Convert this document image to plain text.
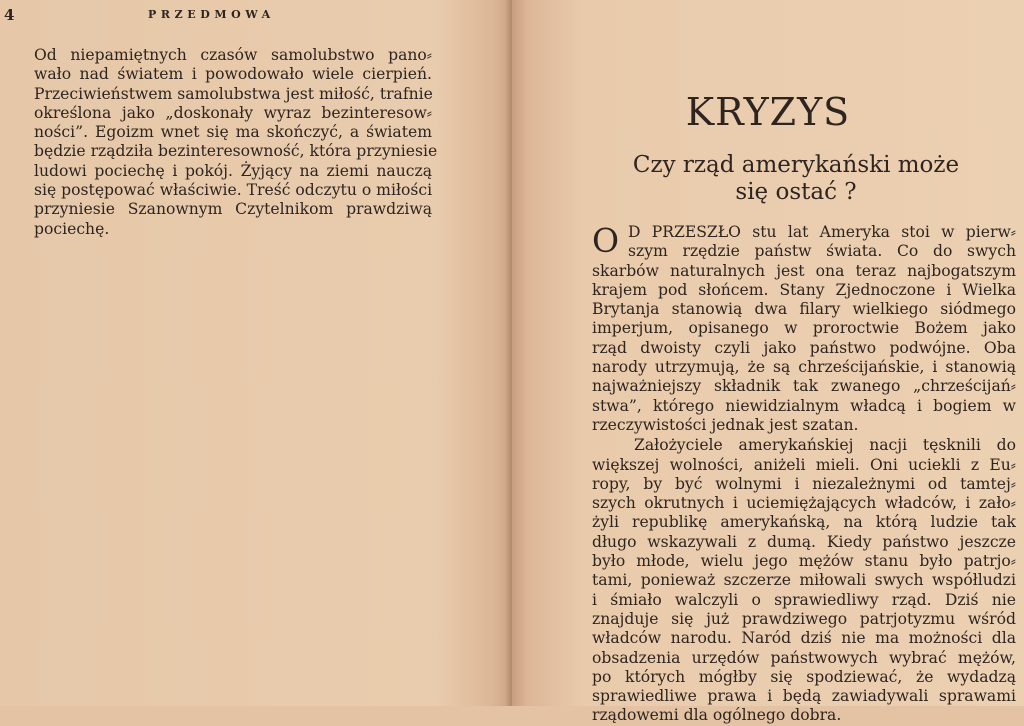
4	PRZEDMOWA
Od niepamiętnych czasów samolubstwo pano⸗
wało nad światem i powodowało wiele cierpień.
Przeciwieństwem samolubstwa jest miłość, trafnie
określona jako „doskonały wyraz bezinteresow⸗
ności”. Egoizm wnet się ma skończyć, a światem
będzie rządziła bezinteresowność, która przyniesie
ludowi pociechę i pokój. Żyjący na ziemi nauczą
się postępować właściwie. Treść odczytu o miłości
przyniesie Szanownym Czytelnikom prawdziwą
pociechę.
KRYZYS
Czy rząd amerykański może
się ostać ?
O D PRZESZŁO stu lat Ameryka stoi w pierw⸗
szym rzędzie państw świata. Co do swych
skarbów naturalnych jest ona teraz najbogatszym
krajem pod słońcem. Stany Zjednoczone i Wielka
Brytanja stanowią dwa filary wielkiego siódmego
imperjum, opisanego w proroctwie Bożem jako
rząd dwoisty czyli jako państwo podwójne. Oba
narody utrzymują, że są chrześcijańskie, i stanowią
najważniejszy składnik tak zwanego „chrześcijań⸗
stwa”, którego niewidzialnym władcą i bogiem w
rzeczywistości jednak jest szatan.
Założyciele amerykańskiej nacji tęsknili do
większej wolności, aniżeli mieli. Oni uciekli z Eu⸗
ropy, by być wolnymi i niezależnymi od tamtej⸗
szych okrutnych i uciemiężających władców, i zało⸗
żyli republikę amerykańską, na którą ludzie tak
długo wskazywali z dumą. Kiedy państwo jeszcze
było młode, wielu jego mężów stanu było patrjo⸗
tami, ponieważ szczerze miłowali swych współludzi
i śmiało walczyli o sprawiedliwy rząd. Dziś nie
znajduje się już prawdziwego patrjotyzmu wśród
władców narodu. Naród dziś nie ma możności dla
obsadzenia urzędów państwowych wybrać mężów,
po których mógłby się spodziewać, że wydadzą
sprawiedliwe prawa i będą zawiadywali sprawami
rządowemi dla ogólnego dobra.
